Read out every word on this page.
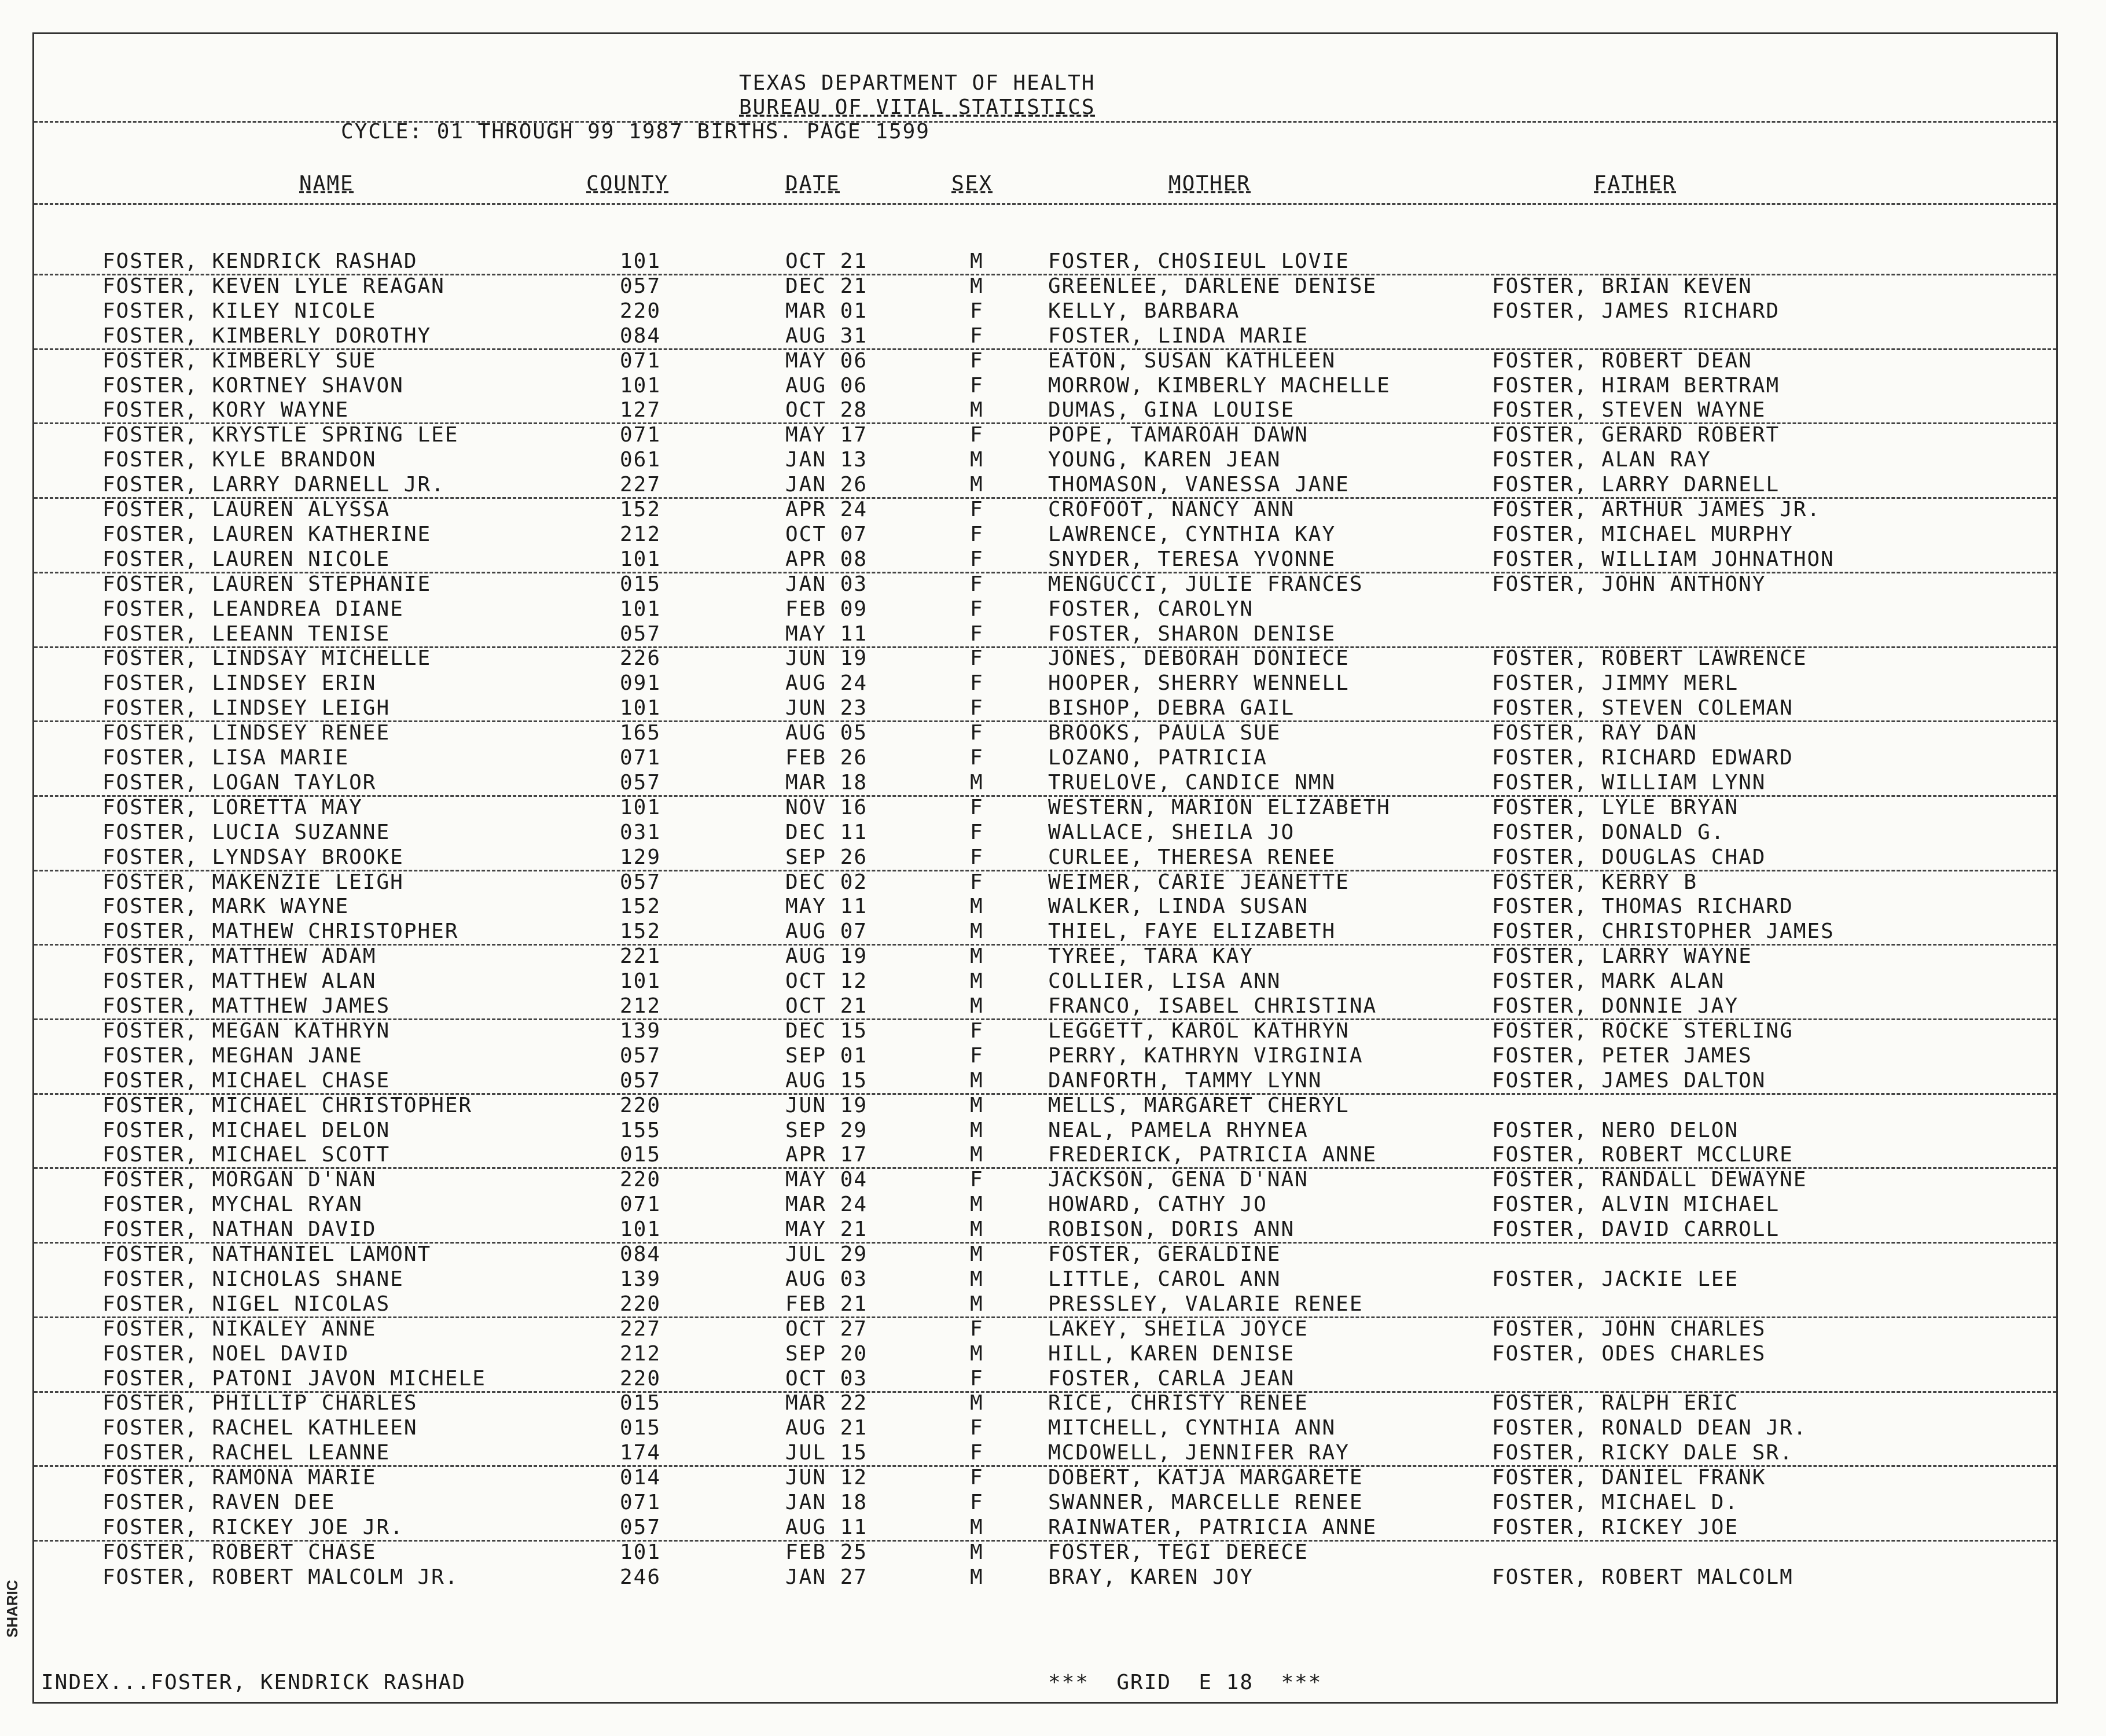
TEXAS DEPARTMENT OF HEALTH
BUREAU OF VITAL STATISTICS
CYCLE: 01 THROUGH 99 1987 BIRTHS. PAGE 1599
NAME	COUNTY	DATE	SEX	MOTHER	FATHER
FOSTER, KENDRICK RASHAD	101	OCT 21	M	FOSTER, CHOSIEUL LOVIE
FOSTER, KEVEN LYLE REAGAN	057	DEC 21	M	GREENLEE, DARLENE DENISE	FOSTER, BRIAN KEVEN
FOSTER, KILEY NICOLE	220	MAR 01	F	KELLY, BARBARA	FOSTER, JAMES RICHARD
FOSTER, KIMBERLY DOROTHY	084	AUG 31	F	FOSTER, LINDA MARIE
FOSTER, KIMBERLY SUE	071	MAY 06	F	EATON, SUSAN KATHLEEN	FOSTER, ROBERT DEAN
FOSTER, KORTNEY SHAVON	101	AUG 06	F	MORROW, KIMBERLY MACHELLE	FOSTER, HIRAM BERTRAM
FOSTER, KORY WAYNE	127	OCT 28	M	DUMAS, GINA LOUISE	FOSTER, STEVEN WAYNE
FOSTER, KRYSTLE SPRING LEE	071	MAY 17	F	POPE, TAMAROAH DAWN	FOSTER, GERARD ROBERT
FOSTER, KYLE BRANDON	061	JAN 13	M	YOUNG, KAREN JEAN	FOSTER, ALAN RAY
FOSTER, LARRY DARNELL JR.	227	JAN 26	M	THOMASON, VANESSA JANE	FOSTER, LARRY DARNELL
FOSTER, LAUREN ALYSSA	152	APR 24	F	CROFOOT, NANCY ANN	FOSTER, ARTHUR JAMES JR.
FOSTER, LAUREN KATHERINE	212	OCT 07	F	LAWRENCE, CYNTHIA KAY	FOSTER, MICHAEL MURPHY
FOSTER, LAUREN NICOLE	101	APR 08	F	SNYDER, TERESA YVONNE	FOSTER, WILLIAM JOHNATHON
FOSTER, LAUREN STEPHANIE	015	JAN 03	F	MENGUCCI, JULIE FRANCES	FOSTER, JOHN ANTHONY
FOSTER, LEANDREA DIANE	101	FEB 09	F	FOSTER, CAROLYN
FOSTER, LEEANN TENISE	057	MAY 11	F	FOSTER, SHARON DENISE
FOSTER, LINDSAY MICHELLE	226	JUN 19	F	JONES, DEBORAH DONIECE	FOSTER, ROBERT LAWRENCE
FOSTER, LINDSEY ERIN	091	AUG 24	F	HOOPER, SHERRY WENNELL	FOSTER, JIMMY MERL
FOSTER, LINDSEY LEIGH	101	JUN 23	F	BISHOP, DEBRA GAIL	FOSTER, STEVEN COLEMAN
FOSTER, LINDSEY RENEE	165	AUG 05	F	BROOKS, PAULA SUE	FOSTER, RAY DAN
FOSTER, LISA MARIE	071	FEB 26	F	LOZANO, PATRICIA	FOSTER, RICHARD EDWARD
FOSTER, LOGAN TAYLOR	057	MAR 18	M	TRUELOVE, CANDICE NMN	FOSTER, WILLIAM LYNN
FOSTER, LORETTA MAY	101	NOV 16	F	WESTERN, MARION ELIZABETH	FOSTER, LYLE BRYAN
FOSTER, LUCIA SUZANNE	031	DEC 11	F	WALLACE, SHEILA JO	FOSTER, DONALD G.
FOSTER, LYNDSAY BROOKE	129	SEP 26	F	CURLEE, THERESA RENEE	FOSTER, DOUGLAS CHAD
FOSTER, MAKENZIE LEIGH	057	DEC 02	F	WEIMER, CARIE JEANETTE	FOSTER, KERRY B
FOSTER, MARK WAYNE	152	MAY 11	M	WALKER, LINDA SUSAN	FOSTER, THOMAS RICHARD
FOSTER, MATHEW CHRISTOPHER	152	AUG 07	M	THIEL, FAYE ELIZABETH	FOSTER, CHRISTOPHER JAMES
FOSTER, MATTHEW ADAM	221	AUG 19	M	TYREE, TARA KAY	FOSTER, LARRY WAYNE
FOSTER, MATTHEW ALAN	101	OCT 12	M	COLLIER, LISA ANN	FOSTER, MARK ALAN
FOSTER, MATTHEW JAMES	212	OCT 21	M	FRANCO, ISABEL CHRISTINA	FOSTER, DONNIE JAY
FOSTER, MEGAN KATHRYN	139	DEC 15	F	LEGGETT, KAROL KATHRYN	FOSTER, ROCKE STERLING
FOSTER, MEGHAN JANE	057	SEP 01	F	PERRY, KATHRYN VIRGINIA	FOSTER, PETER JAMES
FOSTER, MICHAEL CHASE	057	AUG 15	M	DANFORTH, TAMMY LYNN	FOSTER, JAMES DALTON
FOSTER, MICHAEL CHRISTOPHER	220	JUN 19	M	MELLS, MARGARET CHERYL
FOSTER, MICHAEL DELON	155	SEP 29	M	NEAL, PAMELA RHYNEA	FOSTER, NERO DELON
FOSTER, MICHAEL SCOTT	015	APR 17	M	FREDERICK, PATRICIA ANNE	FOSTER, ROBERT MCCLURE
FOSTER, MORGAN D'NAN	220	MAY 04	F	JACKSON, GENA D'NAN	FOSTER, RANDALL DEWAYNE
FOSTER, MYCHAL RYAN	071	MAR 24	M	HOWARD, CATHY JO	FOSTER, ALVIN MICHAEL
FOSTER, NATHAN DAVID	101	MAY 21	M	ROBISON, DORIS ANN	FOSTER, DAVID CARROLL
FOSTER, NATHANIEL LAMONT	084	JUL 29	M	FOSTER, GERALDINE
FOSTER, NICHOLAS SHANE	139	AUG 03	M	LITTLE, CAROL ANN	FOSTER, JACKIE LEE
FOSTER, NIGEL NICOLAS	220	FEB 21	M	PRESSLEY, VALARIE RENEE
FOSTER, NIKALEY ANNE	227	OCT 27	F	LAKEY, SHEILA JOYCE	FOSTER, JOHN CHARLES
FOSTER, NOEL DAVID	212	SEP 20	M	HILL, KAREN DENISE	FOSTER, ODES CHARLES
FOSTER, PATONI JAVON MICHELE	220	OCT 03	F	FOSTER, CARLA JEAN
FOSTER, PHILLIP CHARLES	015	MAR 22	M	RICE, CHRISTY RENEE	FOSTER, RALPH ERIC
FOSTER, RACHEL KATHLEEN	015	AUG 21	F	MITCHELL, CYNTHIA ANN	FOSTER, RONALD DEAN JR.
FOSTER, RACHEL LEANNE	174	JUL 15	F	MCDOWELL, JENNIFER RAY	FOSTER, RICKY DALE SR.
FOSTER, RAMONA MARIE	014	JUN 12	F	DOBERT, KATJA MARGARETE	FOSTER, DANIEL FRANK
FOSTER, RAVEN DEE	071	JAN 18	F	SWANNER, MARCELLE RENEE	FOSTER, MICHAEL D.
FOSTER, RICKEY JOE JR.	057	AUG 11	M	RAINWATER, PATRICIA ANNE	FOSTER, RICKEY JOE
FOSTER, ROBERT CHASE	101	FEB 25	M	FOSTER, TEGI DERECE
FOSTER, ROBERT MALCOLM JR.	246	JAN 27	M	BRAY, KAREN JOY	FOSTER, ROBERT MALCOLM
INDEX...FOSTER, KENDRICK RASHAD	***  GRID  E 18  ***
SHARIC
